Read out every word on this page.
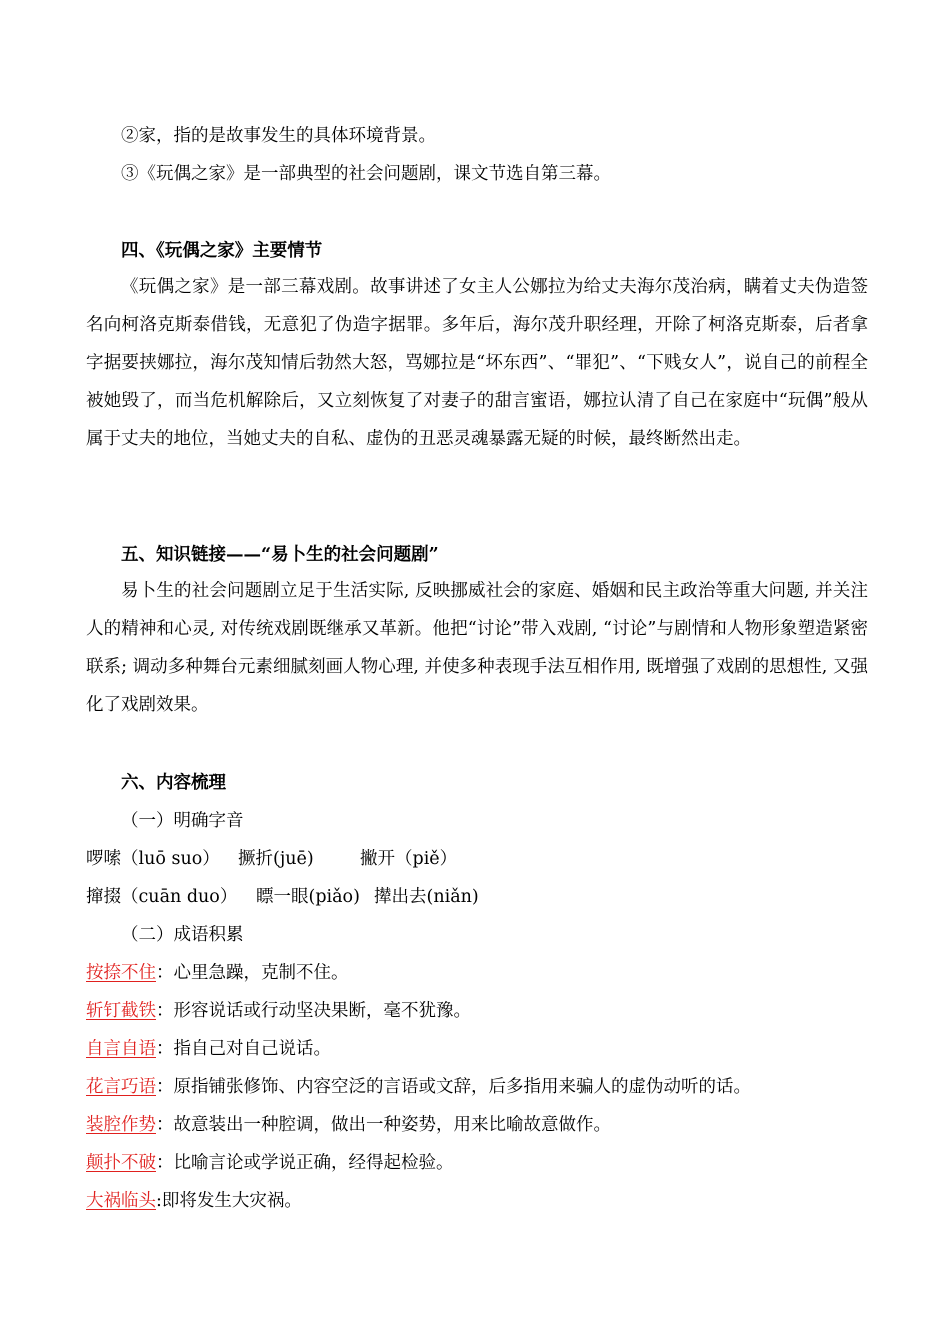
②家，指的是故事发生的具体环境背景。
③《玩偶之家》是一部典型的社会问题剧，课文节选自第三幕。
四、《玩偶之家》主要情节

《玩偶之家》是一部三幕戏剧。故事讲述了女主人公娜拉为给丈夫海尔茂治病，瞒着丈夫伪造签名向柯洛克斯泰借钱，无意犯了伪造字据罪。多年后，海尔茂升职经理，开除了柯洛克斯泰，后者拿字据要挟娜拉，海尔茂知情后勃然大怒，骂娜拉是“坏东西”、“罪犯”、“下贱女人”，说自己的前程全被她毁了，而当危机解除后，又立刻恢复了对妻子的甜言蜜语，娜拉认清了自己在家庭中“玩偶”般从属于丈夫的地位，当她丈夫的自私、虚伪的丑恶灵魂暴露无疑的时候，最终断然出走。

五、知识链接——“易卜生的社会问题剧”

易卜生的社会问题剧立足于生活实际, 反映挪威社会的家庭、婚姻和民主政治等重大问题, 并关注人的精神和心灵, 对传统戏剧既继承又革新。他把“讨论”带入戏剧, “讨论”与剧情和人物形象塑造紧密联系; 调动多种舞台元素细腻刻画人物心理, 并使多种表现手法互相作用, 既增强了戏剧的思想性, 又强化了戏剧效果。

六、内容梳理
（一）明确字音
啰嗦（luō suo） 撅折(juē)	撇开（piě）
撺掇（cuān duo） 瞟一眼(piǎo) 撵出去(niǎn)
（二）成语积累
按捺不住：心里急躁，克制不住。
斩钉截铁：形容说话或行动坚决果断，毫不犹豫。
自言自语：指自己对自己说话。
花言巧语：原指铺张修饰、内容空泛的言语或文辞，后多指用来骗人的虚伪动听的话。
装腔作势：故意装出一种腔调，做出一种姿势，用来比喻故意做作。
颠扑不破：比喻言论或学说正确，经得起检验。
大祸临头:即将发生大灾祸。
